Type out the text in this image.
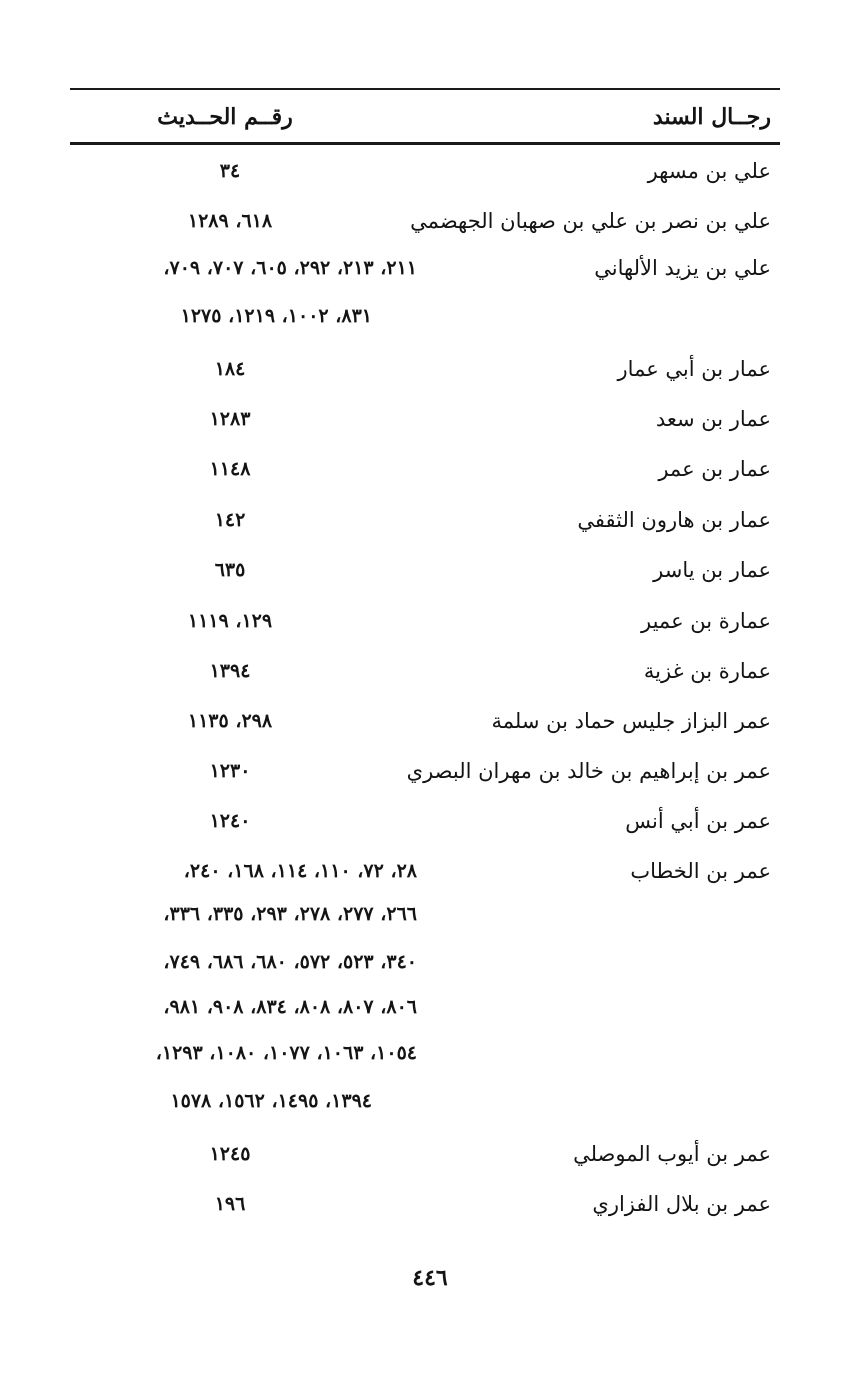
رجــال السند
رقــم الحــديث
علي بن مسهر
٣٤
علي بن نصر بن علي بن صهبان الجهضمي
٦١٨، ١٢٨٩
علي بن يزيد الألهاني
٢١١، ٢١٣، ٢٩٢، ٦٠٥، ٧٠٧، ٧٠٩،
٨٣١، ١٠٠٢، ١٢١٩، ١٢٧٥
عمار بن أبي عمار
١٨٤
عمار بن سعد
١٢٨٣
عمار بن عمر
١١٤٨
عمار بن هارون الثقفي
١٤٢
عمار بن ياسر
٦٣٥
عمارة بن عمير
١٢٩، ١١١٩
عمارة بن غزية
١٣٩٤
عمر البزاز جليس حماد بن سلمة
٢٩٨، ١١٣٥
عمر بن إبراهيم بن خالد بن مهران البصري
١٢٣٠
عمر بن أبي أنس
١٢٤٠
عمر بن الخطاب
٢٨، ٧٢، ١١٠، ١١٤، ١٦٨، ٢٤٠،
٢٦٦، ٢٧٧، ٢٧٨، ٢٩٣، ٣٣٥، ٣٣٦،
٣٤٠، ٥٢٣، ٥٧٢، ٦٨٠، ٦٨٦، ٧٤٩،
٨٠٦، ٨٠٧، ٨٠٨، ٨٣٤، ٩٠٨، ٩٨١،
١٠٥٤، ١٠٦٣، ١٠٧٧، ١٠٨٠، ١٢٩٣،
١٣٩٤، ١٤٩٥، ١٥٦٢، ١٥٧٨
عمر بن أيوب الموصلي
١٢٤٥
عمر بن بلال الفزاري
١٩٦
٤٤٦
